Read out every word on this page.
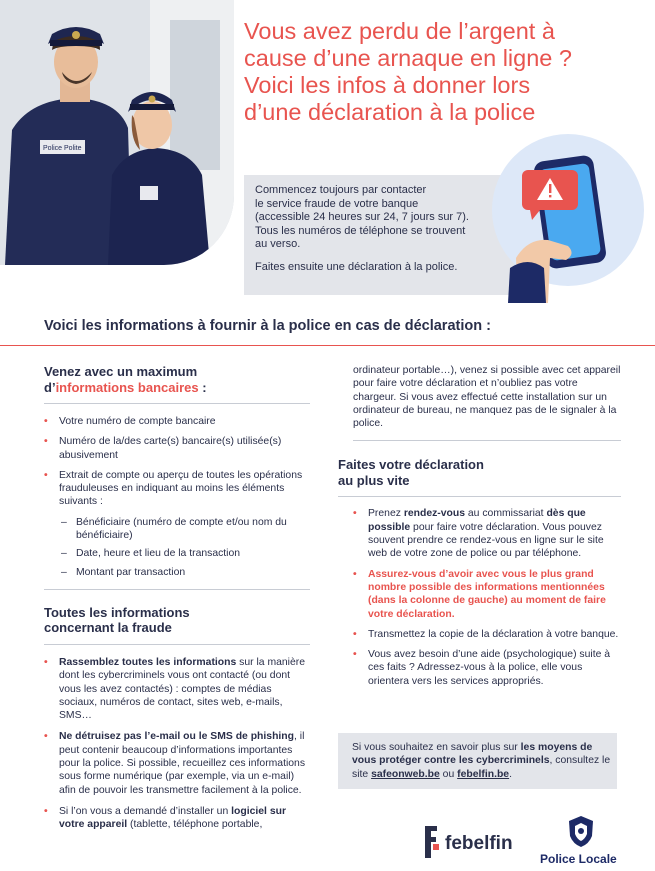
Police Polite
Vous avez perdu de l’argent à
cause d’une arnaque en ligne ?
Voici les infos à donner lors
d’une déclaration à la police

Commencez toujours par contacter
le service fraude de votre banque
(accessible 24 heures sur 24, 7 jours sur 7).
Tous les numéros de téléphone se trouvent
au verso.

Faites ensuite une déclaration à la police.

Voici les informations à fournir à la police en cas de déclaration :
Venez avec un maximum
d’informations bancaires :
• Votre numéro de compte bancaire
• Numéro de la/des carte(s) bancaire(s) utilisée(s) abusivement
• Extrait de compte ou aperçu de toutes les opérations frauduleuses en indiquant au moins les éléments suivants :
– Bénéficiaire (numéro de compte et/ou nom du bénéficiaire)
– Date, heure et lieu de la transaction
– Montant par transaction
Toutes les informations
concernant la fraude
• Rassemblez toutes les informations sur la manière dont les cybercriminels vous ont contacté (ou dont vous les avez contactés) : comptes de médias sociaux, numéros de contact, sites web, e-mails, SMS…
• Ne détruisez pas l’e-mail ou le SMS de phishing, il peut contenir beaucoup d’informations importantes pour la police. Si possible, recueillez ces informations sous forme numérique (par exemple, via un e-mail) afin de pouvoir les transmettre facilement à la police.
• Si l’on vous a demandé d’installer un logiciel sur votre appareil (tablette, téléphone portable,
ordinateur portable…), venez si possible avec cet appareil pour faire votre déclaration et n’oubliez pas votre chargeur. Si vous avez effectué cette installation sur un ordinateur de bureau, ne manquez pas de le signaler à la police.
Faites votre déclaration
au plus vite
• Prenez rendez-vous au commissariat dès que possible pour faire votre déclaration. Vous pouvez souvent prendre ce rendez-vous en ligne sur le site web de votre zone de police ou par téléphone.
• Assurez-vous d’avoir avec vous le plus grand nombre possible des informations mentionnées (dans la colonne de gauche) au moment de faire votre déclaration.
• Transmettez la copie de la déclaration à votre banque.
• Vous avez besoin d’une aide (psychologique) suite à ces faits ? Adressez-vous à la police, elle vous orientera vers les services appropriés.
Si vous souhaitez en savoir plus sur les moyens de vous protéger contre les cybercriminels, consultez le site safeonweb.be ou febelfin.be.
febelfin
Police Locale
